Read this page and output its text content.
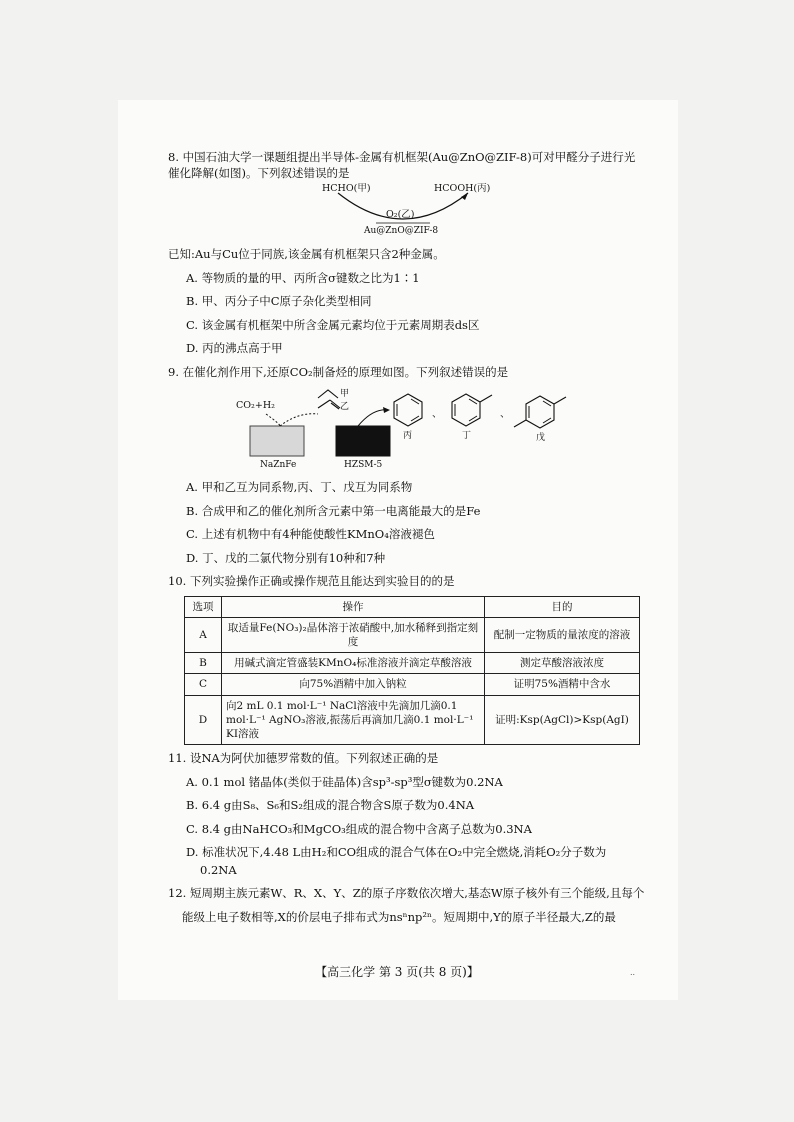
8. 中国石油大学一课题组提出半导体-金属有机框架(Au@ZnO@ZIF-8)可对甲醛分子进行光
催化降解(如图)。下列叙述错误的是
HCHO(甲)	HCOOH(丙)
O₂(乙)
Au@ZnO@ZIF-8
已知:Au与Cu位于同族,该金属有机框架只含2种金属。
A. 等物质的量的甲、丙所含σ键数之比为1∶1
B. 甲、丙分子中C原子杂化类型相同
C. 该金属有机框架中所含金属元素均位于元素周期表ds区
D. 丙的沸点高于甲
9. 在催化剂作用下,还原CO₂制备烃的原理如图。下列叙述错误的是
CO₂+H₂
甲
乙
NaZnFe	HZSM-5
丙
、
丁
、
戊
A. 甲和乙互为同系物,丙、丁、戊互为同系物
B. 合成甲和乙的催化剂所含元素中第一电离能最大的是Fe
C. 上述有机物中有4种能使酸性KMnO₄溶液褪色
D. 丁、戊的二氯代物分别有10种和7种
10. 下列实验操作正确或操作规范且能达到实验目的的是
选项	操作	目的
A	取适量Fe(NO₃)₂晶体溶于浓硝酸中,加水稀释到指定刻度	配制一定物质的量浓度的溶液
B	用碱式滴定管盛装KMnO₄标准溶液并滴定草酸溶液	测定草酸溶液浓度
C	向75%酒精中加入钠粒	证明75%酒精中含水
D	向2 mL 0.1 mol·L⁻¹ NaCl溶液中先滴加几滴0.1 mol·L⁻¹ AgNO₃溶液,振荡后再滴加几滴0.1 mol·L⁻¹ KI溶液	证明:Ksp(AgCl)>Ksp(AgI)
11. 设NA为阿伏加德罗常数的值。下列叙述正确的是
A. 0.1 mol 锗晶体(类似于硅晶体)含sp³-sp³型σ键数为0.2NA
B. 6.4 g由S₈、S₆和S₂组成的混合物含S原子数为0.4NA
C. 8.4 g由NaHCO₃和MgCO₃组成的混合物中含离子总数为0.3NA
D. 标准状况下,4.48 L由H₂和CO组成的混合气体在O₂中完全燃烧,消耗O₂分子数为
0.2NA
12. 短周期主族元素W、R、X、Y、Z的原子序数依次增大,基态W原子核外有三个能级,且每个
能级上电子数相等,X的价层电子排布式为nsⁿnp²ⁿ。短周期中,Y的原子半径最大,Z的最
【高三化学 第 3 页(共 8 页)】	..
